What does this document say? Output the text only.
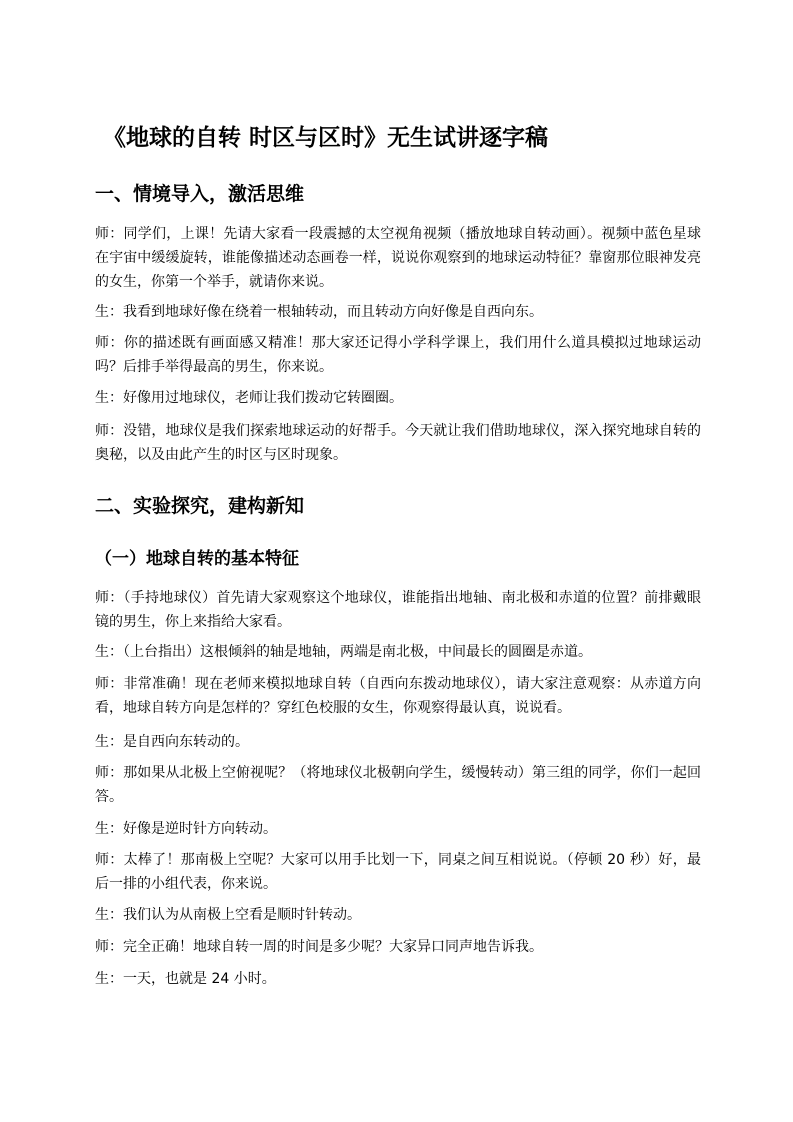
《地球的自转 时区与区时》无生试讲逐字稿
一、情境导入，激活思维

师：同学们，上课！先请大家看一段震撼的太空视角视频（播放地球自转动画）。视频中蓝色星球在宇宙中缓缓旋转，谁能像描述动态画卷一样，说说你观察到的地球运动特征？靠窗那位眼神发亮的女生，你第一个举手，就请你来说。

生：我看到地球好像在绕着一根轴转动，而且转动方向好像是自西向东。

师：你的描述既有画面感又精准！那大家还记得小学科学课上，我们用什么道具模拟过地球运动吗？后排手举得最高的男生，你来说。

生：好像用过地球仪，老师让我们拨动它转圈圈。

师：没错，地球仪是我们探索地球运动的好帮手。今天就让我们借助地球仪，深入探究地球自转的奥秘，以及由此产生的时区与区时现象。

二、实验探究，建构新知
（一）地球自转的基本特征

师：（手持地球仪）首先请大家观察这个地球仪，谁能指出地轴、南北极和赤道的位置？前排戴眼镜的男生，你上来指给大家看。

生：（上台指出）这根倾斜的轴是地轴，两端是南北极，中间最长的圆圈是赤道。

师：非常准确！现在老师来模拟地球自转（自西向东拨动地球仪），请大家注意观察：从赤道方向看，地球自转方向是怎样的？穿红色校服的女生，你观察得最认真，说说看。

生：是自西向东转动的。

师：那如果从北极上空俯视呢？（将地球仪北极朝向学生，缓慢转动）第三组的同学，你们一起回答。

生：好像是逆时针方向转动。

师：太棒了！那南极上空呢？大家可以用手比划一下，同桌之间互相说说。（停顿 20 秒）好，最后一排的小组代表，你来说。

生：我们认为从南极上空看是顺时针转动。

师：完全正确！地球自转一周的时间是多少呢？大家异口同声地告诉我。

生：一天，也就是 24 小时。
